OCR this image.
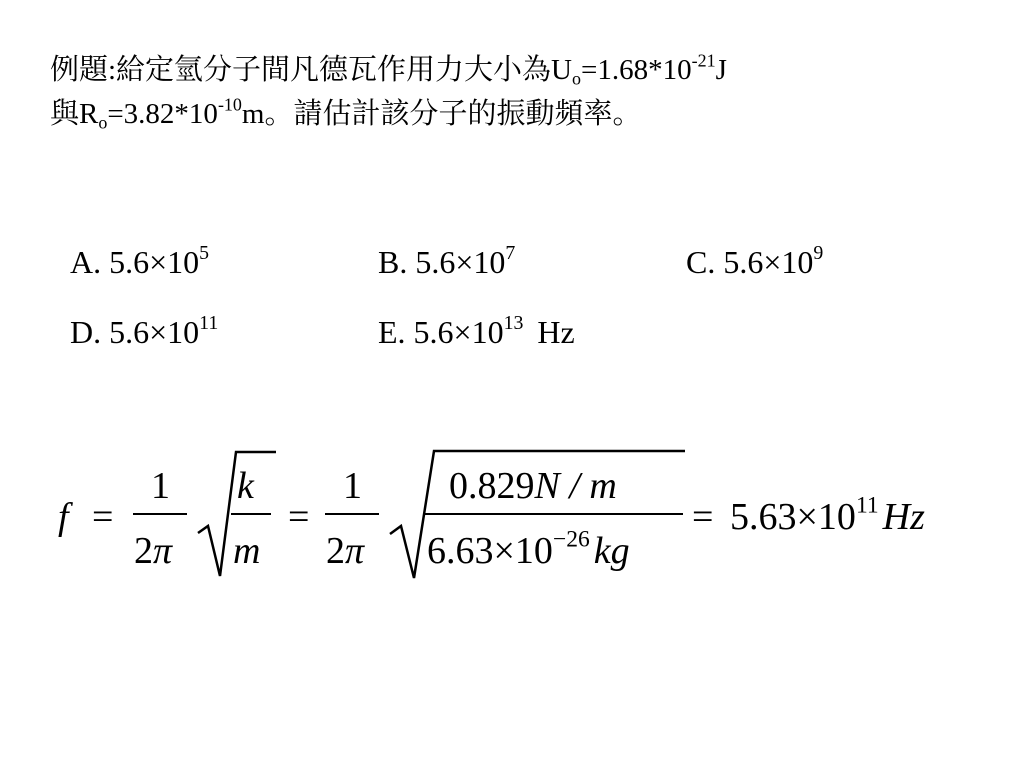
例題:給定氫分子間凡德瓦作用力大小為$U_o=1.68*10^{-21}J$
與$R_o=3.82*10^{-10}m$。請估計該分子的振動頻率。
A. $5.6\times 10^5$	B. $5.6\times 10^7$	C. $5.6\times 10^9$
D. $5.6\times 10^{11}$	E. $5.6\times 10^{13}$ Hz
f =
1
2π
k
m
=
1
2π
0.829N / m
$6.63\times 10^{-26}$ kg
= $5.63\times 10^{11}$ Hz
